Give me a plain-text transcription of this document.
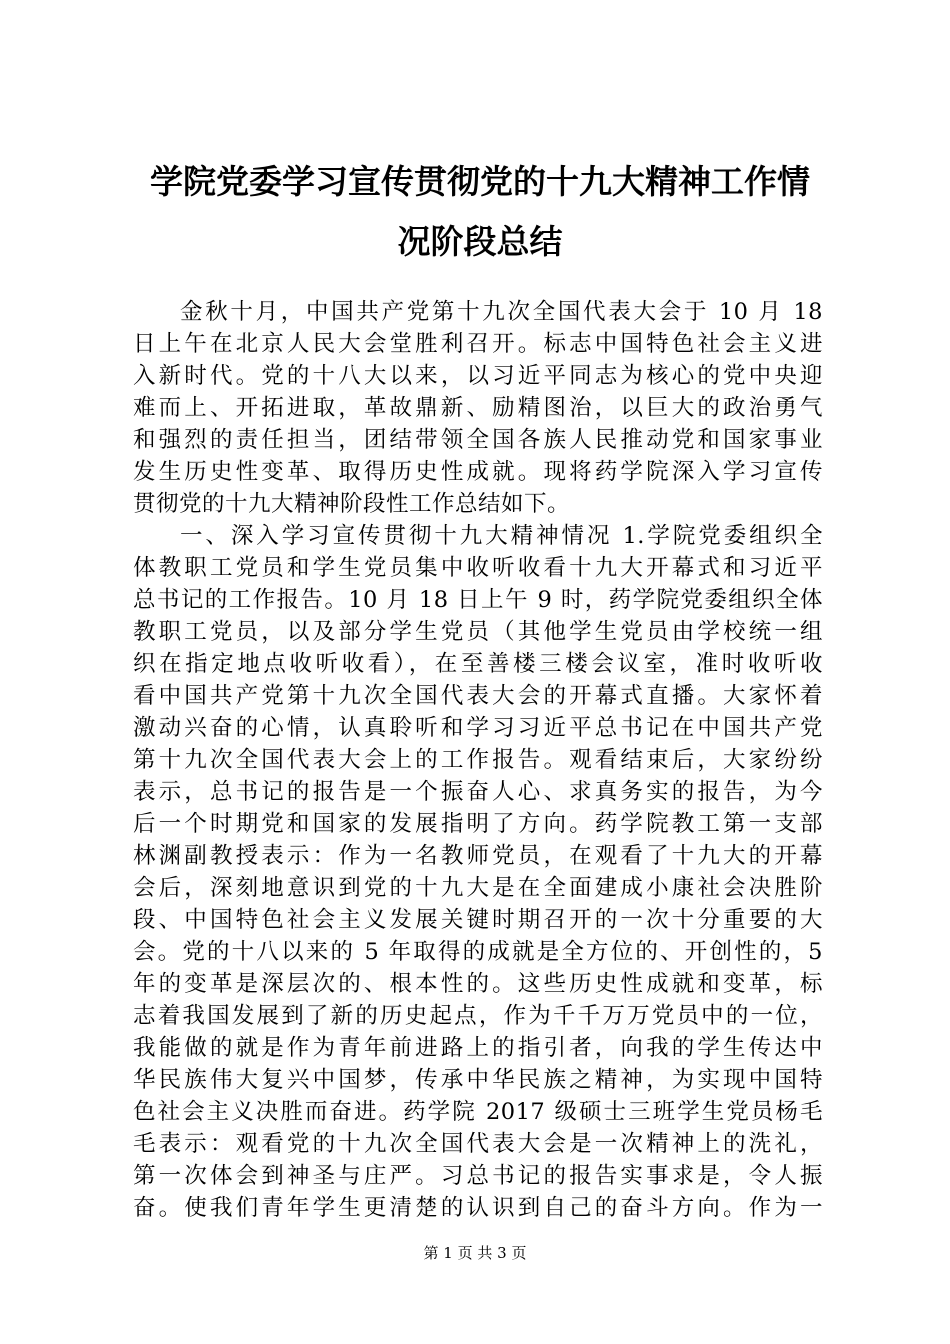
学院党委学习宣传贯彻党的十九大精神工作情
况阶段总结
金秋十月，中国共产党第十九次全国代表大会于 10 月 18
日上午在北京人民大会堂胜利召开。标志中国特色社会主义进
入新时代。党的十八大以来，以习近平同志为核心的党中央迎
难而上、开拓进取，革故鼎新、励精图治，以巨大的政治勇气
和强烈的责任担当，团结带领全国各族人民推动党和国家事业
发生历史性变革、取得历史性成就。现将药学院深入学习宣传
贯彻党的十九大精神阶段性工作总结如下。
一、深入学习宣传贯彻十九大精神情况 1.学院党委组织全
体教职工党员和学生党员集中收听收看十九大开幕式和习近平
总书记的工作报告。10 月 18 日上午 9 时，药学院党委组织全体
教职工党员，以及部分学生党员（其他学生党员由学校统一组
织在指定地点收听收看），在至善楼三楼会议室，准时收听收
看中国共产党第十九次全国代表大会的开幕式直播。大家怀着
激动兴奋的心情，认真聆听和学习习近平总书记在中国共产党
第十九次全国代表大会上的工作报告。观看结束后，大家纷纷
表示，总书记的报告是一个振奋人心、求真务实的报告，为今
后一个时期党和国家的发展指明了方向。药学院教工第一支部
林渊副教授表示：作为一名教师党员，在观看了十九大的开幕
会后，深刻地意识到党的十九大是在全面建成小康社会决胜阶
段、中国特色社会主义发展关键时期召开的一次十分重要的大
会。党的十八以来的 5 年取得的成就是全方位的、开创性的，5
年的变革是深层次的、根本性的。这些历史性成就和变革，标
志着我国发展到了新的历史起点，作为千千万万党员中的一位，
我能做的就是作为青年前进路上的指引者，向我的学生传达中
华民族伟大复兴中国梦，传承中华民族之精神，为实现中国特
色社会主义决胜而奋进。药学院 2017 级硕士三班学生党员杨毛
毛表示：观看党的十九次全国代表大会是一次精神上的洗礼，
第一次体会到神圣与庄严。习总书记的报告实事求是，令人振
奋。使我们青年学生更清楚的认识到自己的奋斗方向。作为一
第 1 页 共 3 页
